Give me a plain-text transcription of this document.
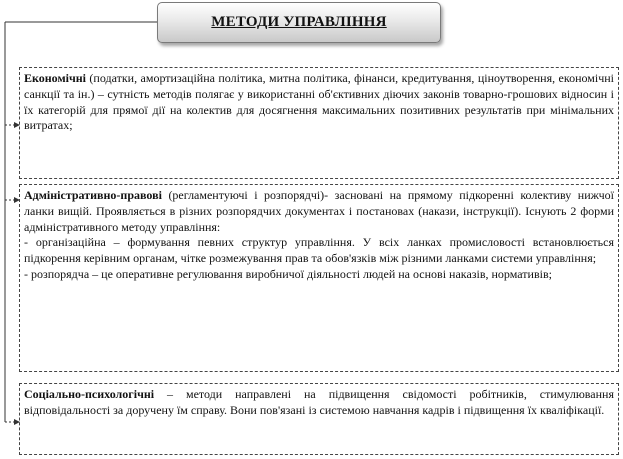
МЕТОДИ УПРАВЛІННЯ

Економічні (податки, амортизаційна політика, митна політика, фінанси, кредитування, ціноутворення, економічні санкції та ін.) – сутність методів полягає у використанні об'єктивних діючих законів товарно-грошових відносин і їх категорій для прямої дії на колектив для досягнення максимальних позитивних результатів при мінімальних витратах;

Адміністративно-правові (регламентуючі і розпорядчі)- засновані на прямому підкоренні колективу нижчої ланки вищій. Проявляється в різних розпорядчих документах і постановах (накази, інструкції). Існують 2 форми адміністративного методу управління:

- організаційна – формування певних структур управління. У всіх ланках промисловості встановлюється підкорення керівним органам, чітке розмежування прав та обов'язків між різними ланками системи управління;

- розпорядча – це оперативне регулювання виробничої діяльності людей на основі наказів, нормативів;

Соціально-психологічні – методи направлені на підвищення свідомості робітників, стимулювання відповідальності за доручену їм справу. Вони пов'язані із системою навчання кадрів і підвищення їх кваліфікації.
